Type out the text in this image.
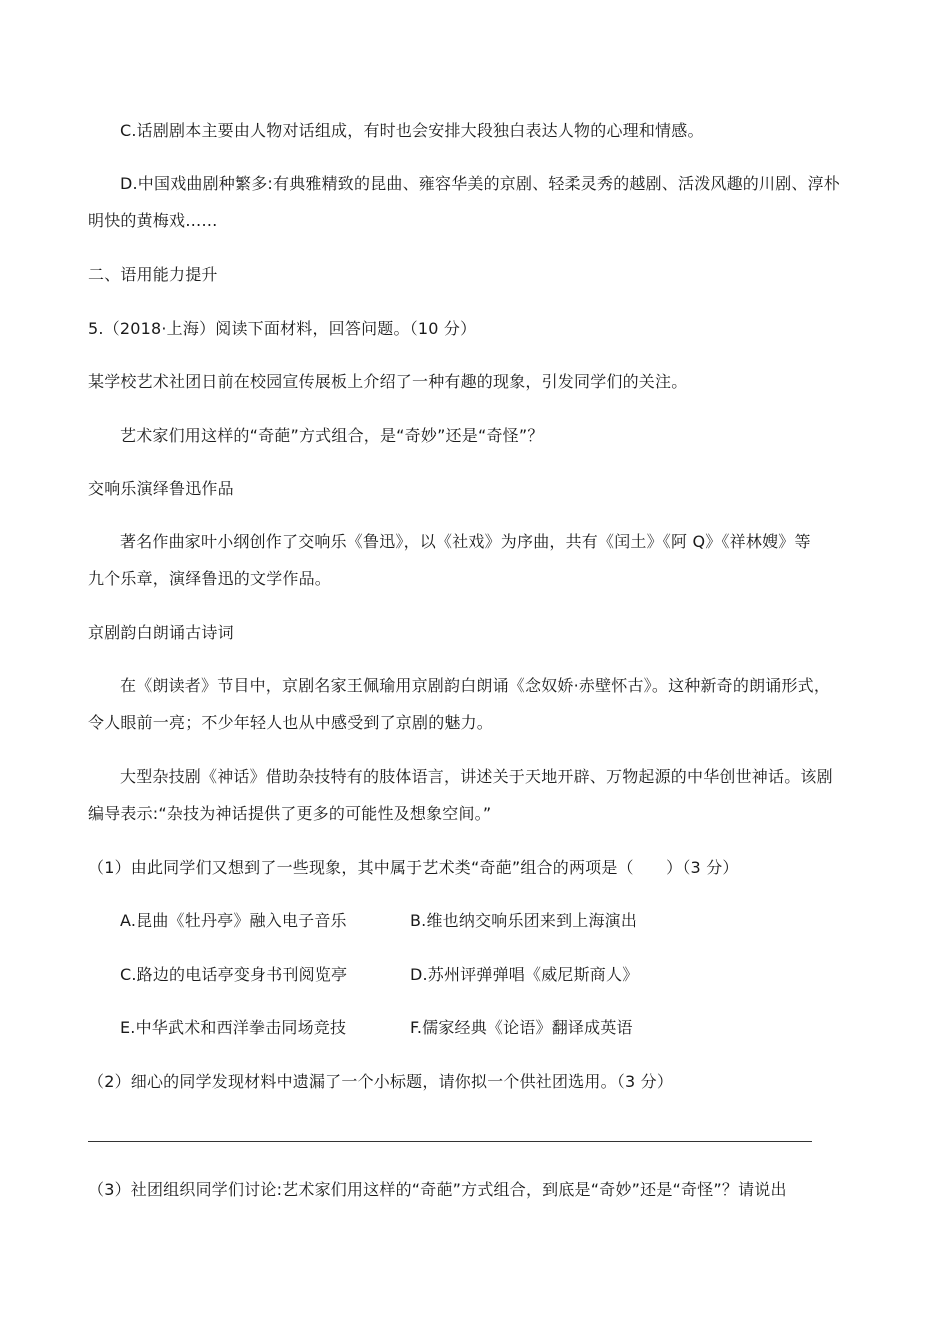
C.话剧剧本主要由人物对话组成，有时也会安排大段独白表达人物的心理和情感。
D.中国戏曲剧种繁多:有典雅精致的昆曲、雍容华美的京剧、轻柔灵秀的越剧、活泼风趣的川剧、淳朴
明快的黄梅戏……
二、语用能力提升
5.（2018·上海）阅读下面材料，回答问题。（10 分）
某学校艺术社团日前在校园宣传展板上介绍了一种有趣的现象，引发同学们的关注。
艺术家们用这样的“奇葩”方式组合，是“奇妙”还是“奇怪”？
交响乐演绎鲁迅作品
著名作曲家叶小纲创作了交响乐《鲁迅》，以《社戏》为序曲，共有《闰土》《阿 Q》《祥林嫂》等
九个乐章，演绎鲁迅的文学作品。
京剧韵白朗诵古诗词
在《朗读者》节目中，京剧名家王佩瑜用京剧韵白朗诵《念奴娇·赤壁怀古》。这种新奇的朗诵形式，
令人眼前一亮；不少年轻人也从中感受到了京剧的魅力。
大型杂技剧《神话》借助杂技特有的肢体语言，讲述关于天地开辟、万物起源的中华创世神话。该剧
编导表示:“杂技为神话提供了更多的可能性及想象空间。”
（1）由此同学们又想到了一些现象，其中属于艺术类“奇葩”组合的两项是（　　）（3 分）
A.昆曲《牡丹亭》融入电子音乐	B.维也纳交响乐团来到上海演出
C.路边的电话亭变身书刊阅览亭	D.苏州评弹弹唱《威尼斯商人》
E.中华武术和西洋拳击同场竞技	F.儒家经典《论语》翻译成英语
（2）细心的同学发现材料中遗漏了一个小标题，请你拟一个供社团选用。（3 分）
（3）社团组织同学们讨论:艺术家们用这样的“奇葩”方式组合，到底是“奇妙”还是“奇怪”？请说出
